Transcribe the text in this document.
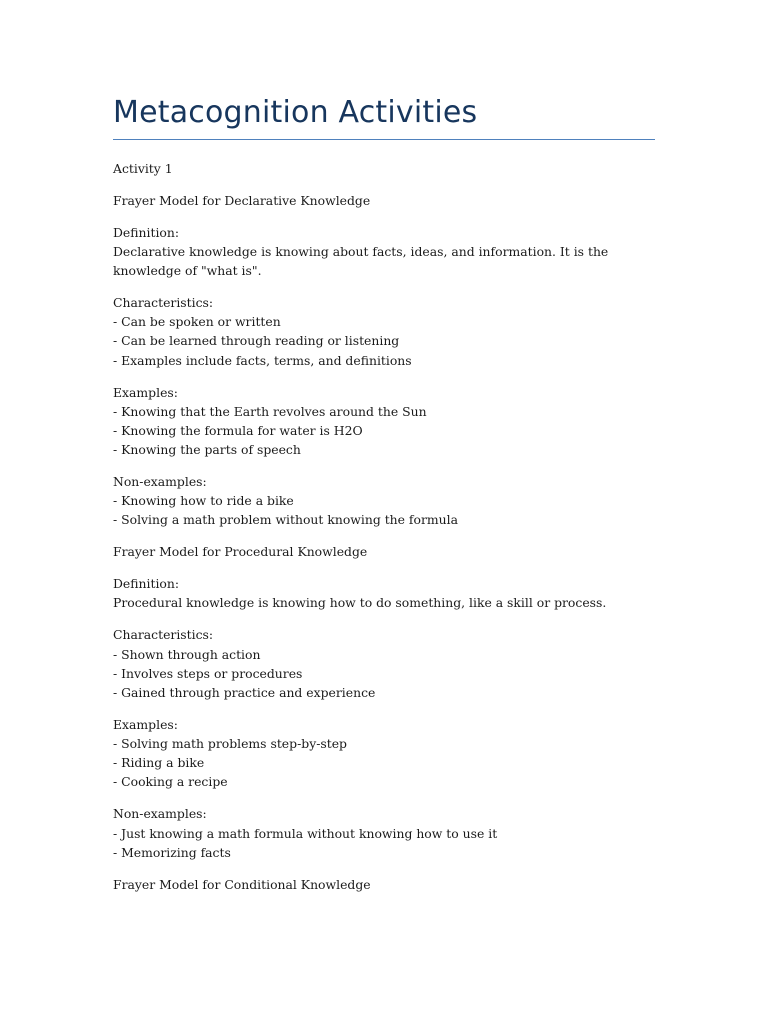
Metacognition Activities

Activity 1

Frayer Model for Declarative Knowledge

Definition:
Declarative knowledge is knowing about facts, ideas, and information. It is the knowledge of "what is".

Characteristics:
- Can be spoken or written
- Can be learned through reading or listening
- Examples include facts, terms, and definitions

Examples:
- Knowing that the Earth revolves around the Sun
- Knowing the formula for water is H2O
- Knowing the parts of speech

Non-examples:
- Knowing how to ride a bike
- Solving a math problem without knowing the formula

Frayer Model for Procedural Knowledge

Definition:
Procedural knowledge is knowing how to do something, like a skill or process.

Characteristics:
- Shown through action
- Involves steps or procedures
- Gained through practice and experience

Examples:
- Solving math problems step-by-step
- Riding a bike
- Cooking a recipe

Non-examples:
- Just knowing a math formula without knowing how to use it
- Memorizing facts

Frayer Model for Conditional Knowledge
